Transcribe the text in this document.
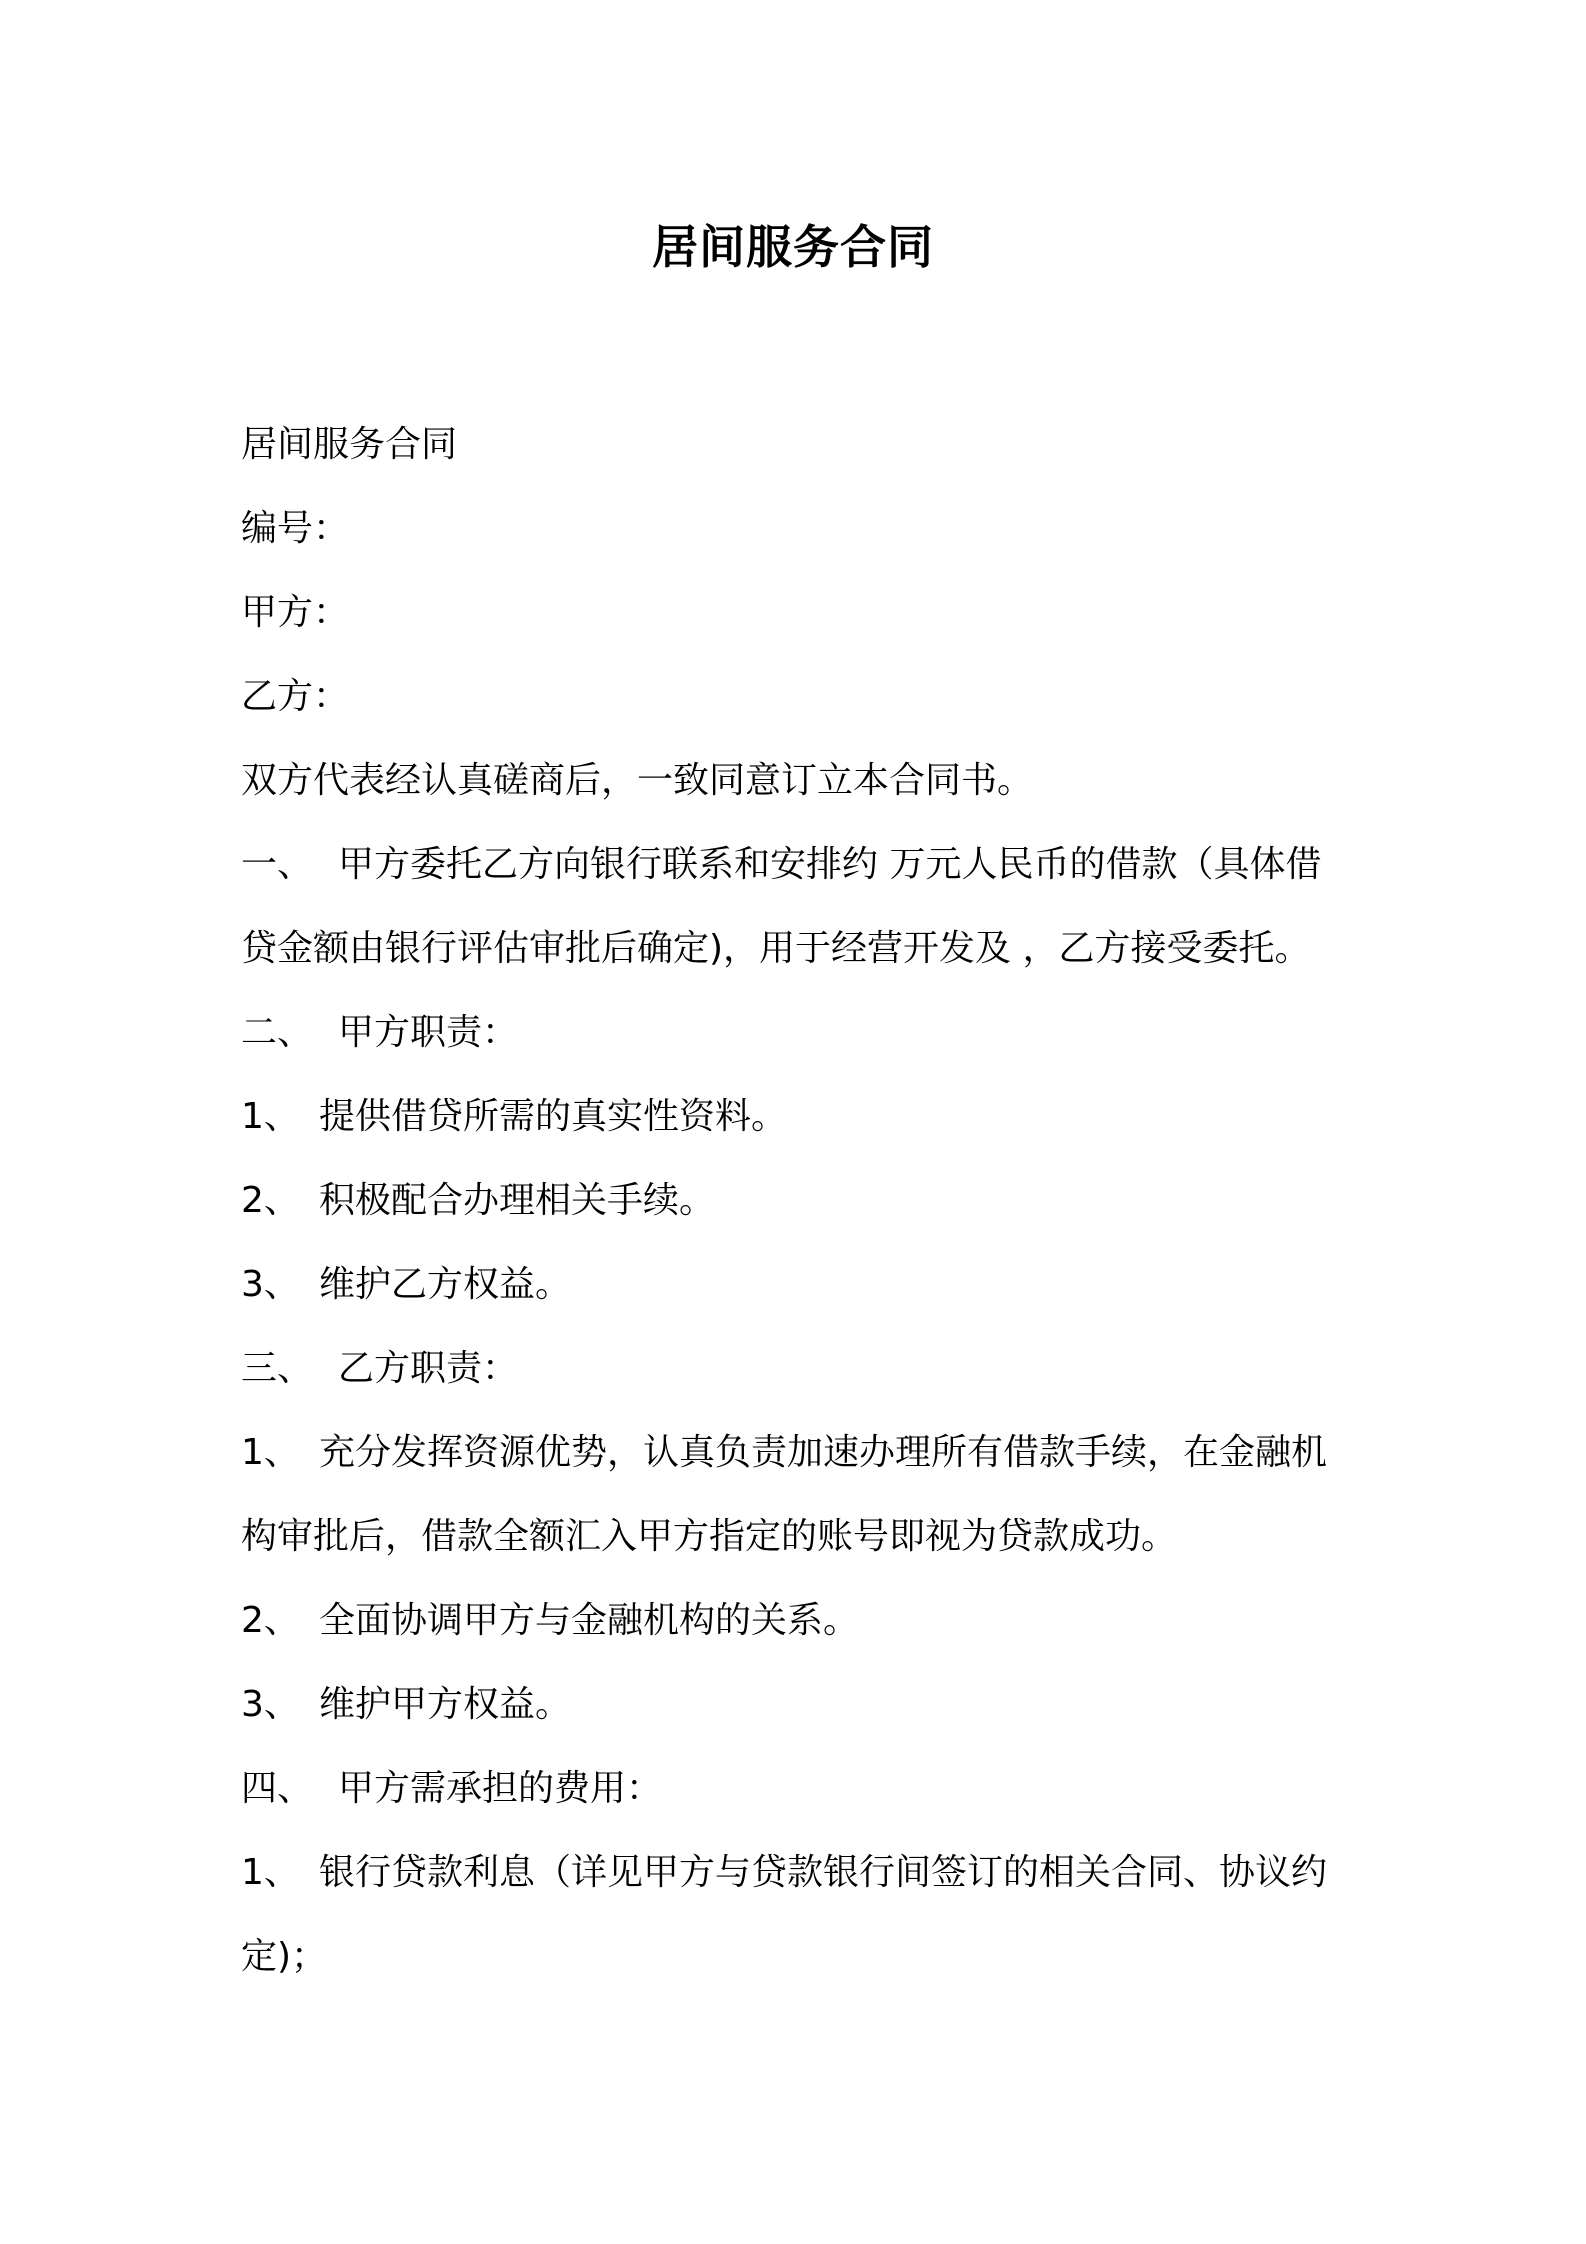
居间服务合同
居间服务合同
编号：
甲方：
乙方：
双方代表经认真磋商后，一致同意订立本合同书。
一、 甲方委托乙方向银行联系和安排约 万元人民币的借款（具体借
贷金额由银行评估审批后确定)，用于经营开发及 ，乙方接受委托。
二、 甲方职责：
1、 提供借贷所需的真实性资料。
2、 积极配合办理相关手续。
3、 维护乙方权益。
三、 乙方职责：
1、 充分发挥资源优势，认真负责加速办理所有借款手续，在金融机
构审批后，借款全额汇入甲方指定的账号即视为贷款成功。
2、 全面协调甲方与金融机构的关系。
3、 维护甲方权益。
四、 甲方需承担的费用：
1、 银行贷款利息（详见甲方与贷款银行间签订的相关合同、协议约
定)；
